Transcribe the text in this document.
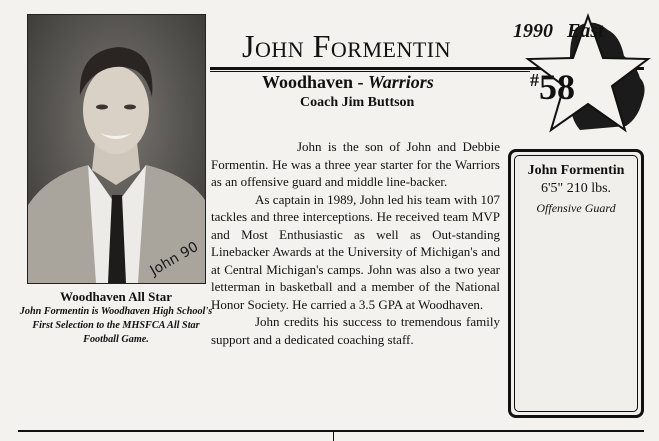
John 90
Woodhaven All Star
John Formentin is Woodhaven High School's First Selection to the MHSFCA All Star Football Game.
John Formentin
Woodhaven - Warriors
Coach Jim Buttson
1990 East
#58

John is the son of John and Debbie Formentin. He was a three year starter for the Warriors as an offensive guard and middle line-backer.

As captain in 1989, John led his team with 107 tackles and three interceptions. He received team MVP and Most Enthusiastic as well as Out-standing Linebacker Awards at the University of Michigan's and at Central Michigan's camps. John was also a two year letterman in basketball and a member of the National Honor Society. He carried a 3.5 GPA at Woodhaven.

John credits his success to tremendous family support and a dedicated coaching staff.

John Formentin
6'5" 210 lbs.
Offensive Guard
